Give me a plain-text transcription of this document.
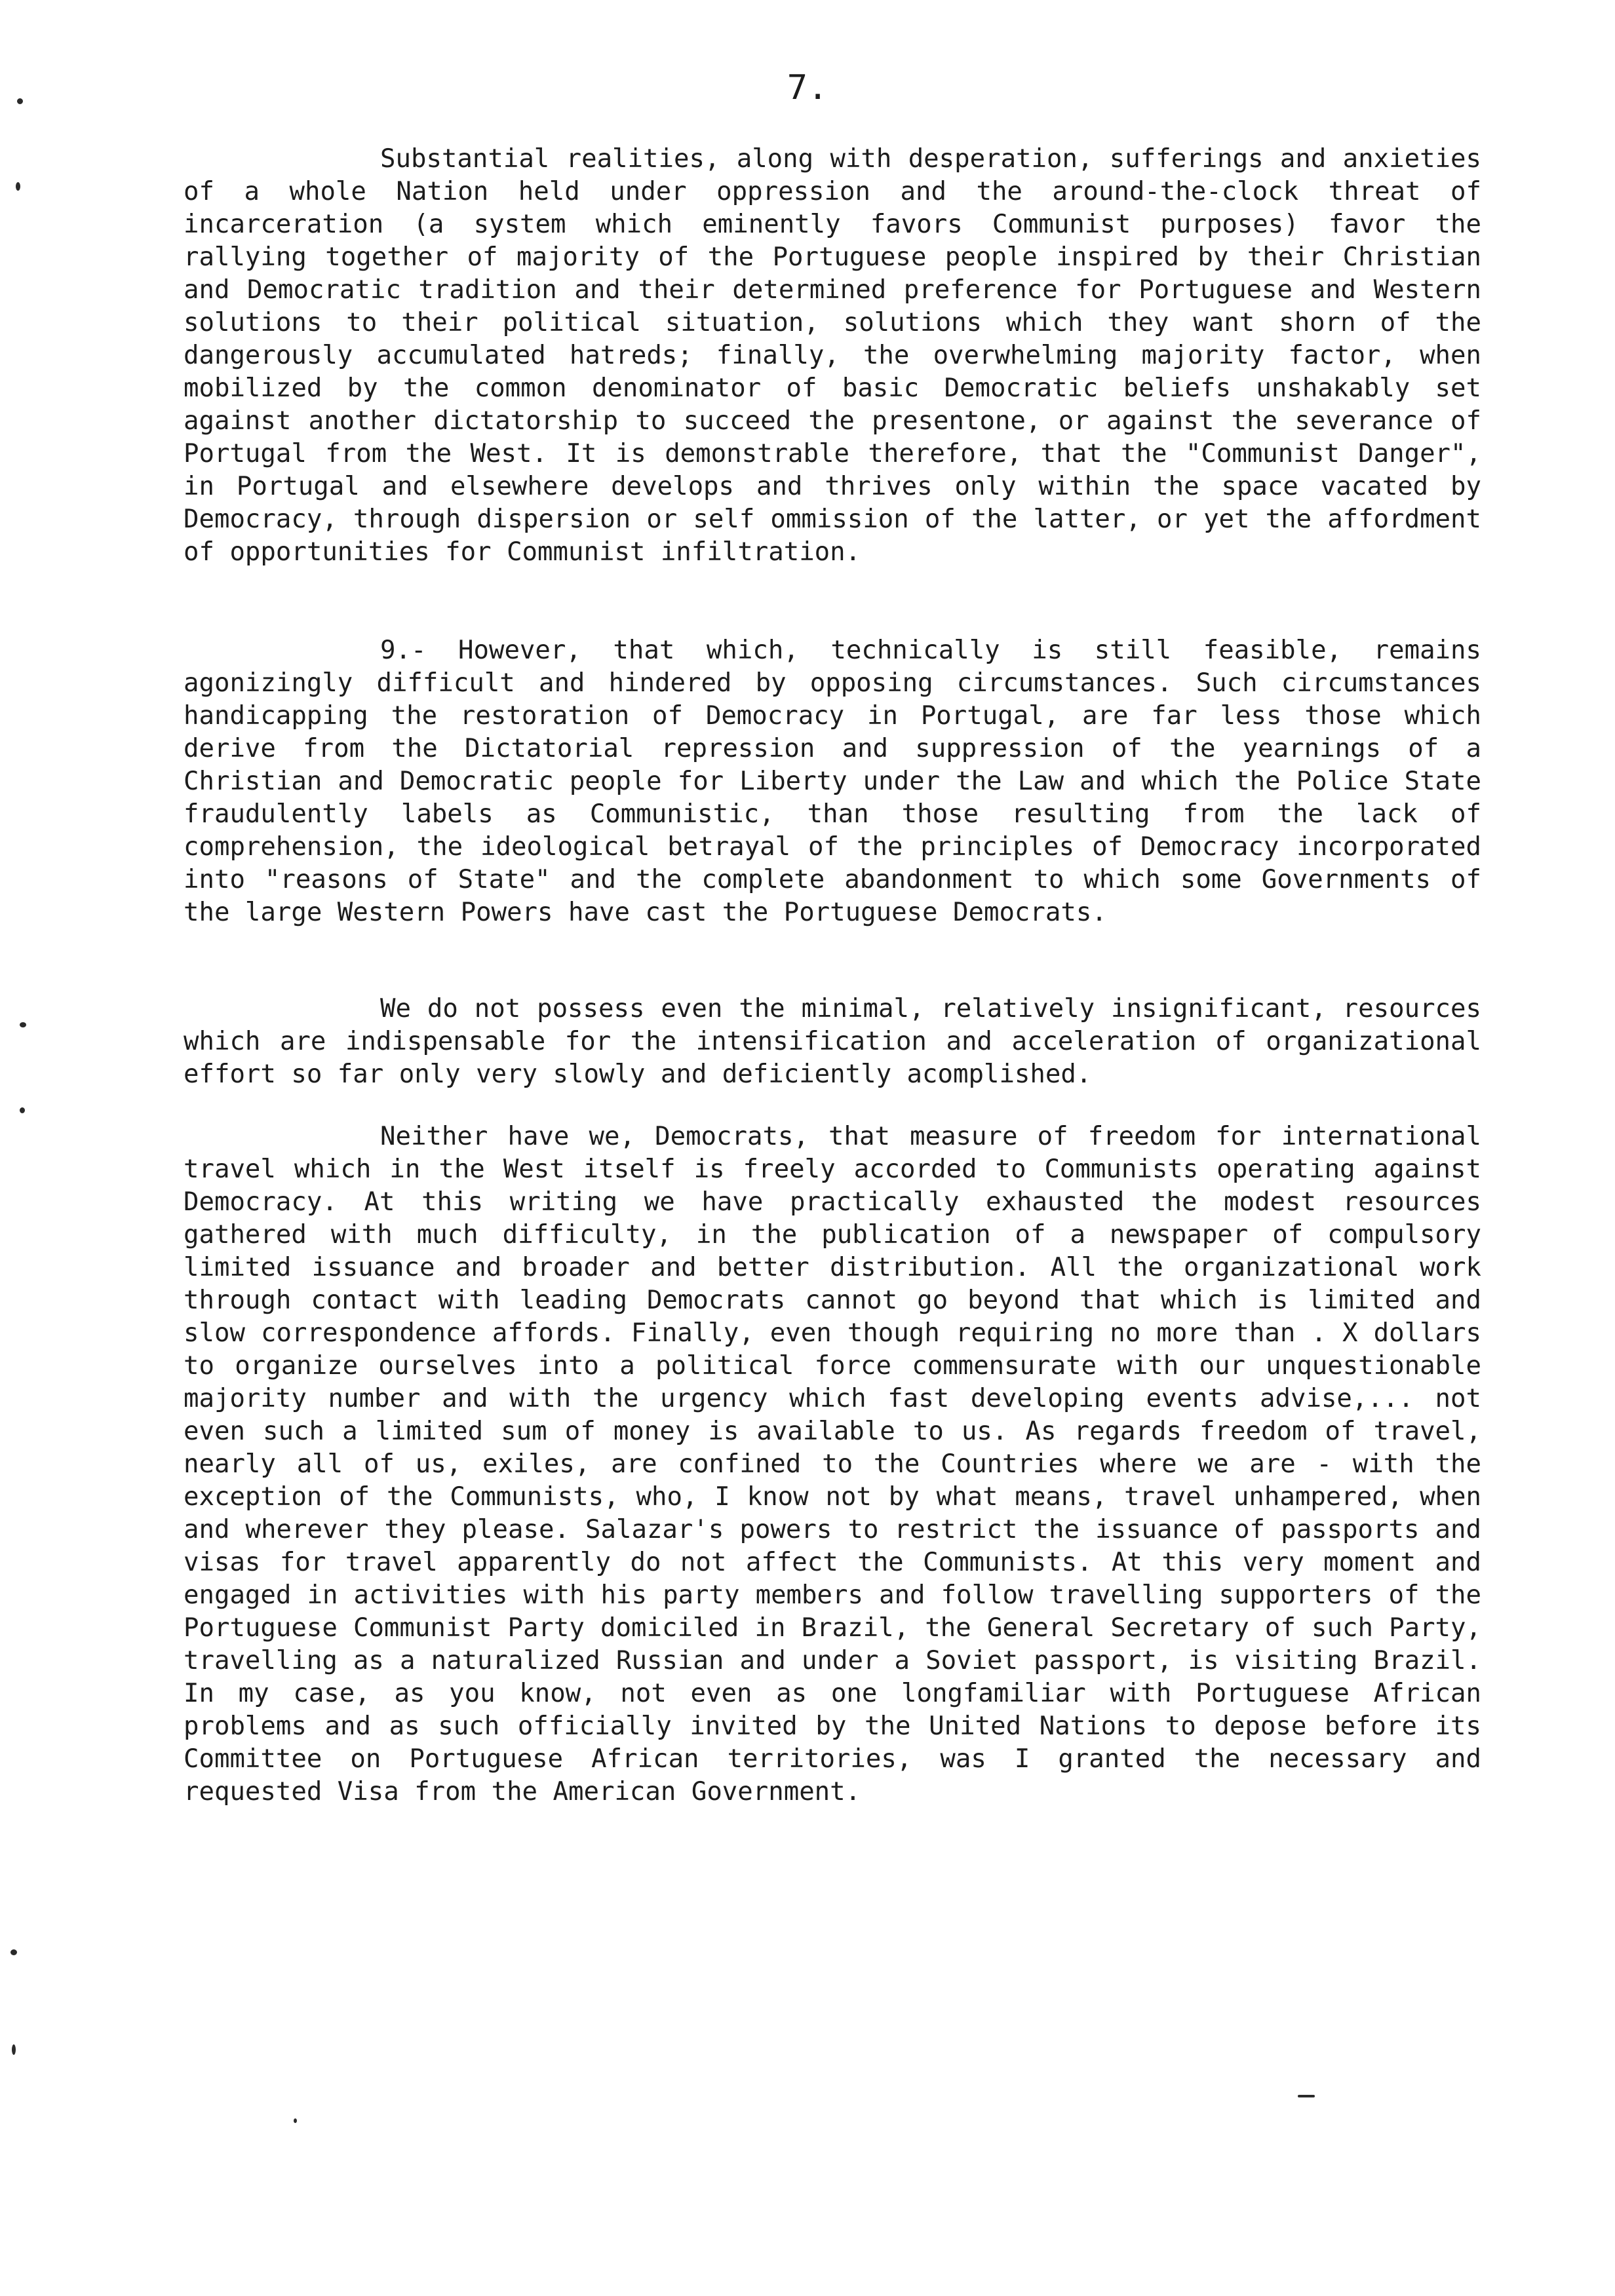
7.

Substantial realities, along with desperation, sufferings and anxieties of a whole Nation held under oppression and the around-the-clock threat of incarceration (a system which eminently favors Communist purposes) favor the rallying together of majority of the Portuguese people inspired by their Christian and Democratic tradition and their determined preference for Portuguese and Western solutions to their political situation, solutions which they want shorn of the dangerously accumulated hatreds; finally, the overwhelming majority factor, when mobilized by the common denominator of basic Democratic beliefs unshakably set against another dictatorship to succeed the presentone, or against the severance of Portugal from the West. It is demonstrable therefore, that the "Communist Danger", in Portugal and elsewhere develops and thrives only within the space vacated by Democracy, through dispersion or self ommission of the latter, or yet the affordment of opportunities for Communist infiltration.

9.- However, that which, technically is still feasible, remains agonizingly difficult and hindered by opposing circumstances. Such circumstances handicapping the restoration of Democracy in Portugal, are far less those which derive from the Dictatorial repression and suppression of the yearnings of a Christian and Democratic people for Liberty under the Law and which the Police State fraudulently labels as Communistic, than those resulting from the lack of comprehension, the ideological betrayal of the principles of Democracy incorporated into "reasons of State" and the complete abandonment to which some Governments of the large Western Powers have cast the Portuguese Democrats.

We do not possess even the minimal, relatively insignificant, resources which are indispensable for the intensification and acceleration of organizational effort so far only very slowly and deficiently acomplished.

Neither have we, Democrats, that measure of freedom for international travel which in the West itself is freely accorded to Communists operating against Democracy. At this writing we have practically exhausted the modest resources gathered with much difficulty, in the publication of a newspaper of compulsory limited issuance and broader and better distribution. All the organizational work through contact with leading Democrats cannot go beyond that which is limited and slow correspondence affords. Finally, even though requiring no more than . X dollars to organize ourselves into a political force commensurate with our unquestionable majority number and with the urgency which fast developing events advise,... not even such a limited sum of money is available to us. As regards freedom of travel, nearly all of us, exiles, are confined to the Countries where we are - with the exception of the Communists, who, I know not by what means, travel unhampered, when and wherever they please. Salazar's powers to restrict the issuance of passports and visas for travel apparently do not affect the Communists. At this very moment and engaged in activities with his party members and follow travelling supporters of the Portuguese Communist Party domiciled in Brazil, the General Secretary of such Party, travelling as a naturalized Russian and under a Soviet passport, is visiting Brazil. In my case, as you know, not even as one longfamiliar with Portuguese African problems and as such officially invited by the United Nations to depose before its Committee on Portuguese African territories, was I granted the necessary and requested Visa from the American Government.
